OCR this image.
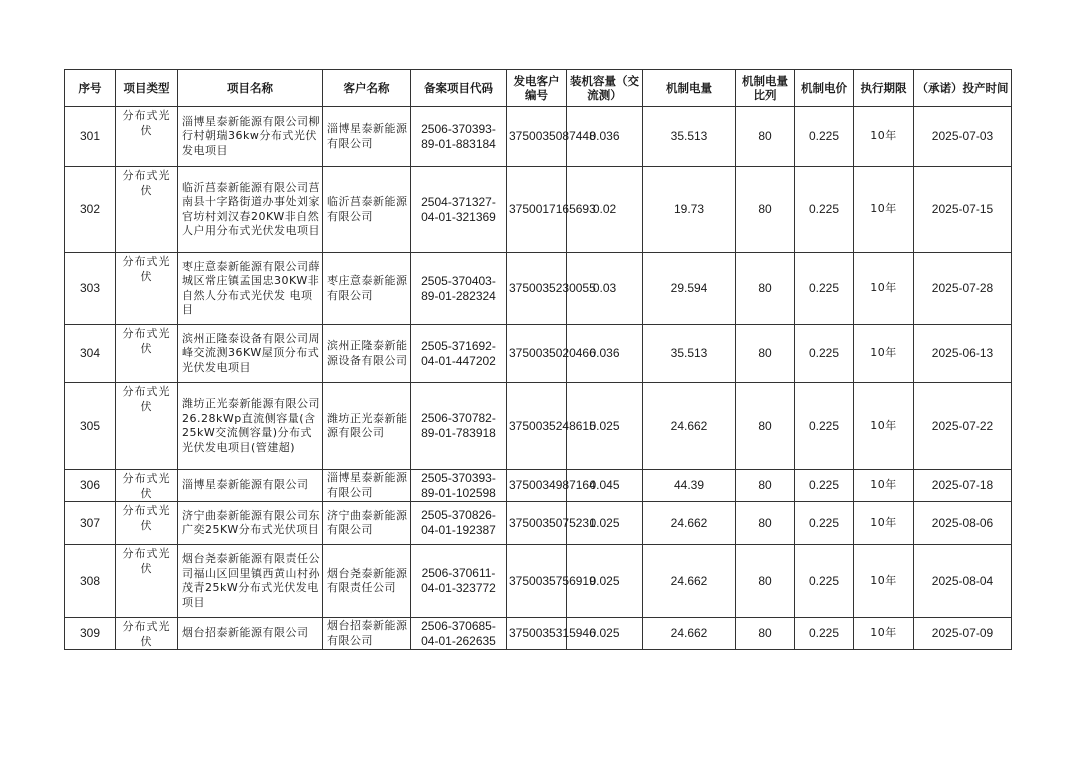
序号	项目类型	项目名称	客户名称	备案项目代码	发电客户编号	装机容量（交流测）	机制电量	机制电量比列	机制电价	执行期限	（承诺）投产时间
301	分布式光伏	淄博星泰新能源有限公司柳行村朝瑞36kw分布式光伏发电项目	淄博星泰新能源有限公司	2506-370393-89-01-883184	3750035087448	0.036	35.513	80	0.225	10年	2025-07-03
302	分布式光伏	临沂莒泰新能源有限公司莒南县十字路街道办事处刘家官坊村刘汉春20KW非自然人户用分布式光伏发电项目	临沂莒泰新能源有限公司	2504-371327-04-01-321369	3750017165693	0.02	19.73	80	0.225	10年	2025-07-15
303	分布式光伏	枣庄意泰新能源有限公司薛城区常庄镇孟国忠30KW非自然人分布式光伏发 电项目	枣庄意泰新能源有限公司	2505-370403-89-01-282324	3750035230055	0.03	29.594	80	0.225	10年	2025-07-28
304	分布式光伏	滨州正隆泰设备有限公司周峰交流测36KW屋顶分布式光伏发电项目	滨州正隆泰新能源设备有限公司	2505-371692-04-01-447202	3750035020466	0.036	35.513	80	0.225	10年	2025-06-13
305	分布式光伏	潍坊正光泰新能源有限公司26.28kWp直流侧容量(含25kW交流侧容量)分布式光伏发电项目(管建超)	潍坊正光泰新能源有限公司	2506-370782-89-01-783918	3750035248615	0.025	24.662	80	0.225	10年	2025-07-22
306	分布式光伏	淄博星泰新能源有限公司	淄博星泰新能源有限公司	2505-370393-89-01-102598	3750034987164	0.045	44.39	80	0.225	10年	2025-07-18
307	分布式光伏	济宁曲泰新能源有限公司东广奕25KW分布式光伏项目	济宁曲泰新能源有限公司	2505-370826-04-01-192387	3750035075231	0.025	24.662	80	0.225	10年	2025-08-06
308	分布式光伏	烟台尧泰新能源有限责任公司福山区回里镇西黄山村孙茂青25kW分布式光伏发电项目	烟台尧泰新能源有限责任公司	2506-370611-04-01-323772	3750035756919	0.025	24.662	80	0.225	10年	2025-08-04
309	分布式光伏	烟台招泰新能源有限公司	烟台招泰新能源有限公司	2506-370685-04-01-262635	3750035315946	0.025	24.662	80	0.225	10年	2025-07-09
